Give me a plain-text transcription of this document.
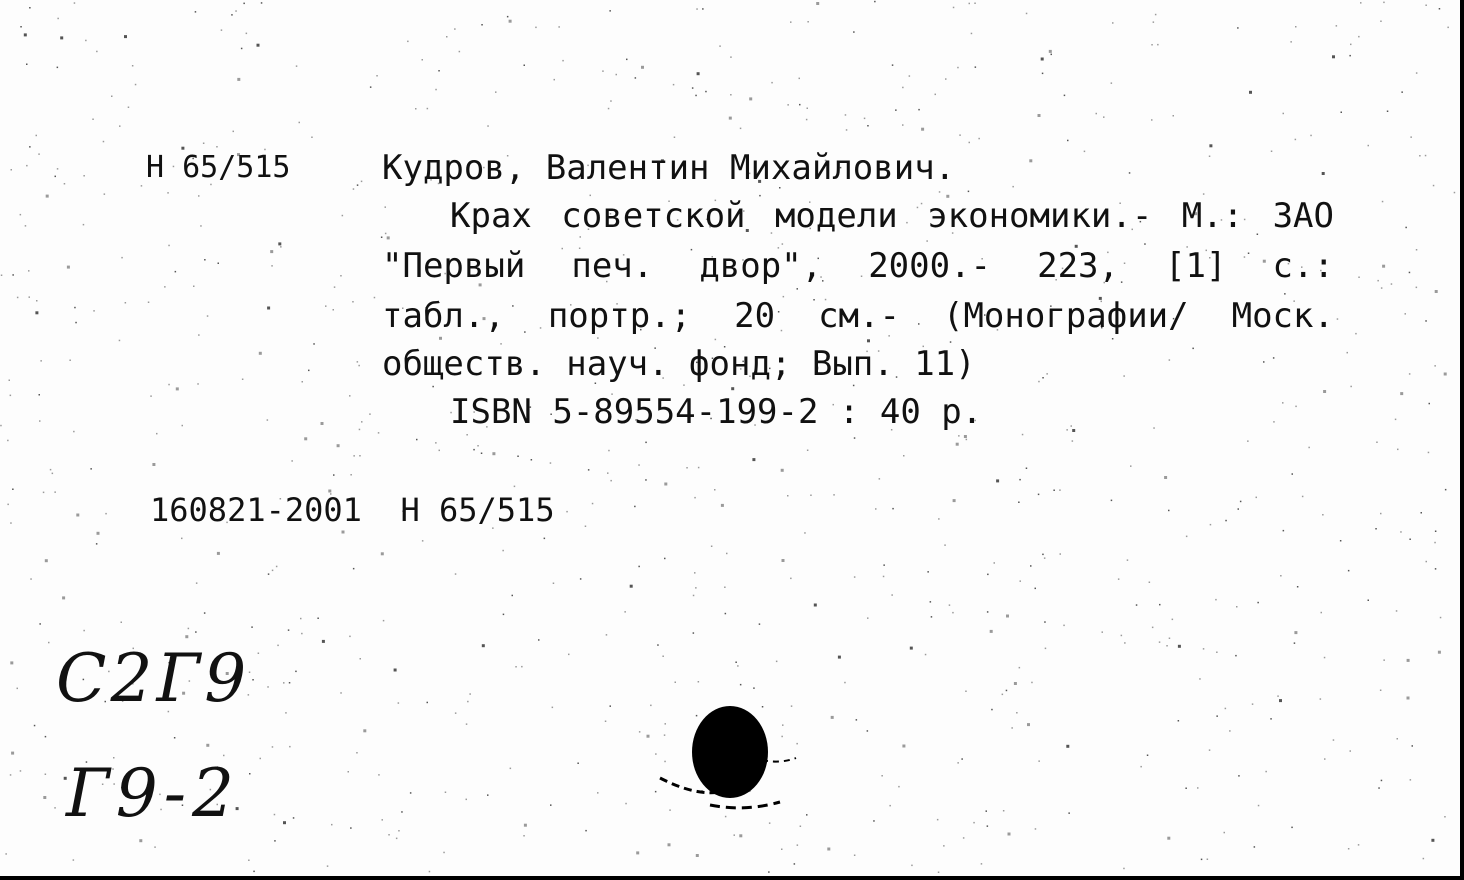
Н 65/515	Кудров, Валентин Михайлович.
Крах советской модели экономики.- М.: ЗАО
"Первый печ. двор", 2000.- 223, [1] с.:
табл., портр.; 20 см.- (Монографии/ Моск.
обществ. науч. фонд; Вып. 11)
ISBN 5-89554-199-2 : 40 р.
160821-2001  Н 65/515
С2Г9
Г9-2
